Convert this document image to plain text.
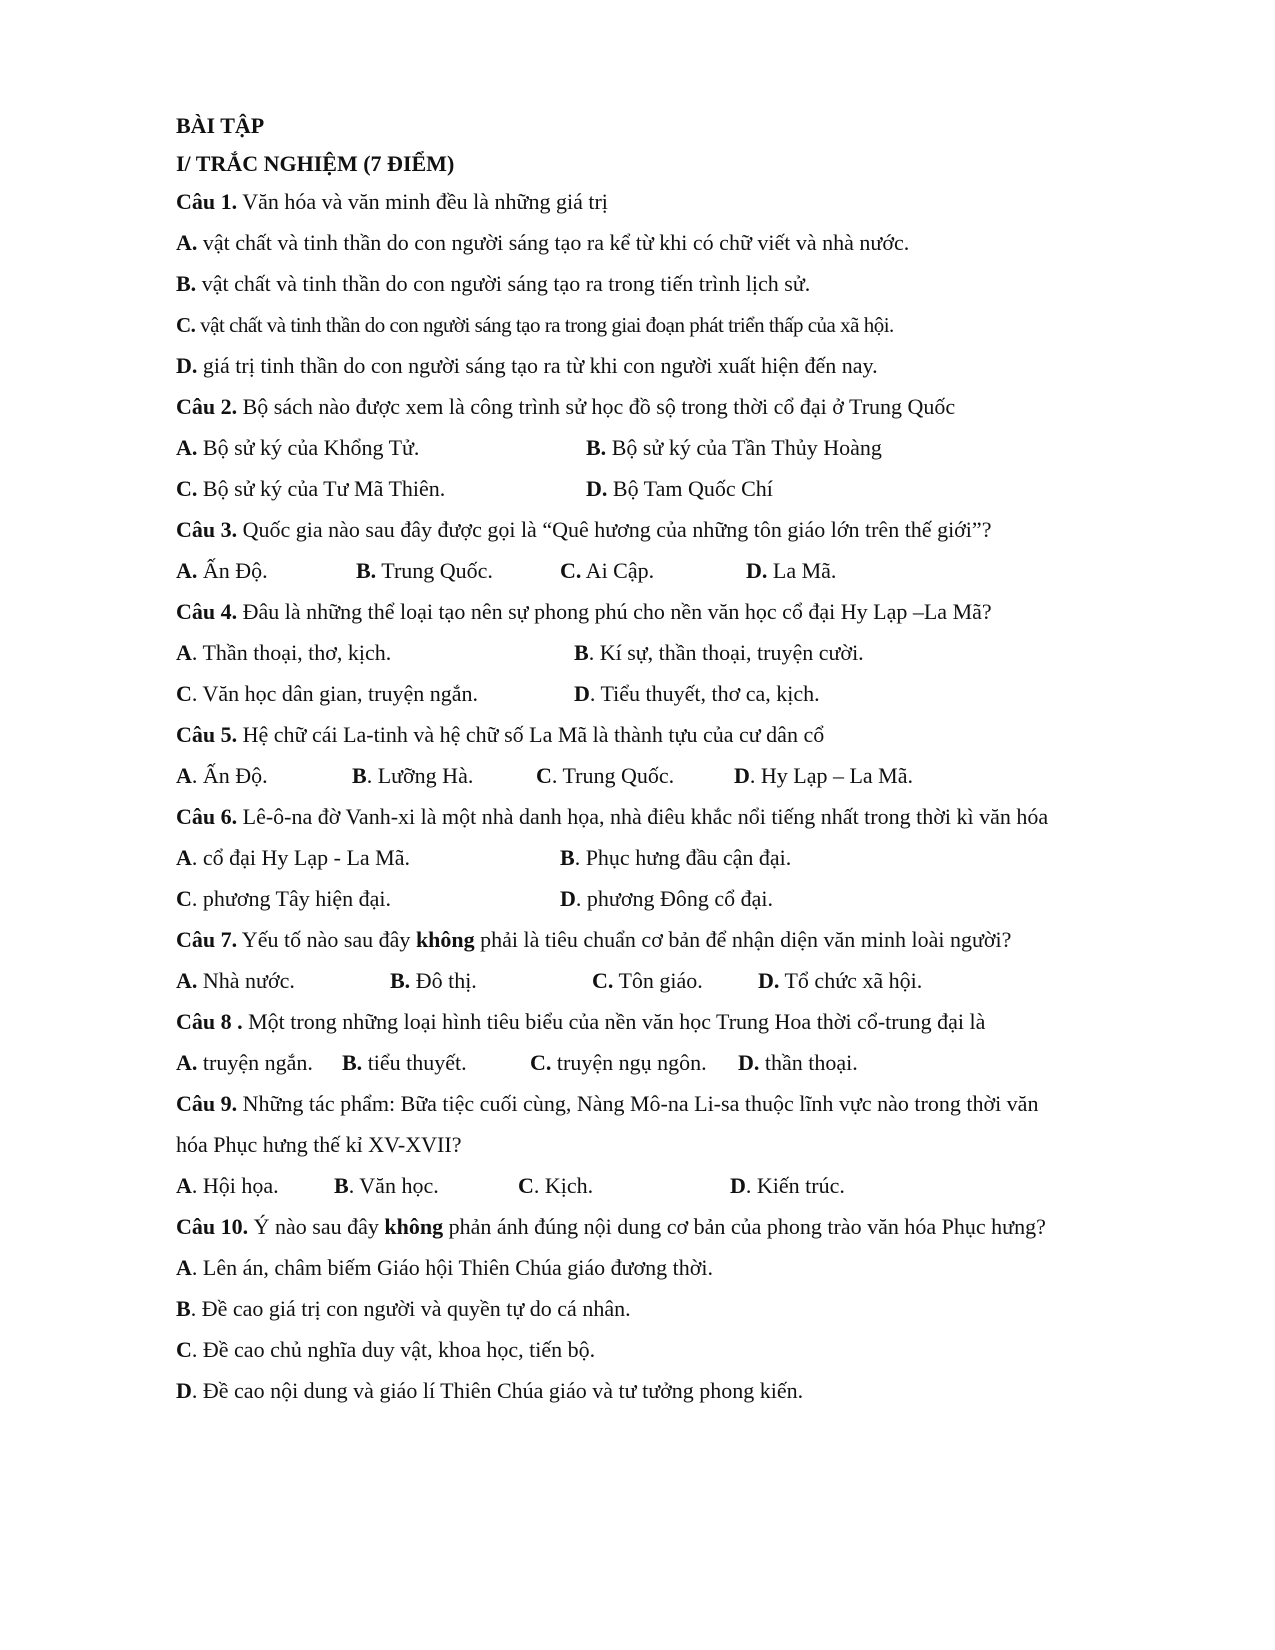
BÀI TẬP
I/ TRẮC NGHIỆM (7 ĐIỂM)
Câu 1. Văn hóa và văn minh đều là những giá trị
A. vật chất và tinh thần do con người sáng tạo ra kể từ khi có chữ viết và nhà nước.
B. vật chất và tinh thần do con người sáng tạo ra trong tiến trình lịch sử.
C. vật chất và tinh thần do con người sáng tạo ra trong giai đoạn phát triển thấp của xã hội.
D. giá trị tinh thần do con người sáng tạo ra từ khi con người xuất hiện đến nay.
Câu 2. Bộ sách nào được xem là công trình sử học đồ sộ trong thời cổ đại ở Trung Quốc
A. Bộ sử ký của Khổng Tử.	B. Bộ sử ký của Tần Thủy Hoàng
C. Bộ sử ký của Tư Mã Thiên.	D. Bộ Tam Quốc Chí
Câu 3. Quốc gia nào sau đây được gọi là “Quê hương của những tôn giáo lớn trên thế giới”?
A. Ấn Độ.	B. Trung Quốc.	C. Ai Cập.	D. La Mã.
Câu 4. Đâu là những thể loại tạo nên sự phong phú cho nền văn học cổ đại Hy Lạp –La Mã?
A. Thần thoại, thơ, kịch.	B. Kí sự, thần thoại, truyện cười.
C. Văn học dân gian, truyện ngắn.	D. Tiểu thuyết, thơ ca, kịch.
Câu 5. Hệ chữ cái La-tinh và hệ chữ số La Mã là thành tựu của cư dân cổ
A. Ấn Độ.	B. Lưỡng Hà.	C. Trung Quốc.	D. Hy Lạp – La Mã.
Câu 6. Lê-ô-na đờ Vanh-xi là một nhà danh họa, nhà điêu khắc nổi tiếng nhất trong thời kì văn hóa
A. cổ đại Hy Lạp - La Mã.	B. Phục hưng đầu cận đại.
C. phương Tây hiện đại.	D. phương Đông cổ đại.
Câu 7. Yếu tố nào sau đây không phải là tiêu chuẩn cơ bản để nhận diện văn minh loài người?
A. Nhà nước.	B. Đô thị.	C. Tôn giáo.	D. Tổ chức xã hội.
Câu 8 . Một trong những loại hình tiêu biểu của nền văn học Trung Hoa thời cổ-trung đại là
A. truyện ngắn. B. tiểu thuyết.	C. truyện ngụ ngôn. D. thần thoại.
Câu 9. Những tác phẩm: Bữa tiệc cuối cùng, Nàng Mô-na Li-sa thuộc lĩnh vực nào trong thời văn
hóa Phục hưng thế kỉ XV-XVII?
A. Hội họa.	B. Văn học.	C. Kịch.	D. Kiến trúc.
Câu 10. Ý nào sau đây không phản ánh đúng nội dung cơ bản của phong trào văn hóa Phục hưng?
A. Lên án, châm biếm Giáo hội Thiên Chúa giáo đương thời.
B. Đề cao giá trị con người và quyền tự do cá nhân.
C. Đề cao chủ nghĩa duy vật, khoa học, tiến bộ.
D. Đề cao nội dung và giáo lí Thiên Chúa giáo và tư tưởng phong kiến.
